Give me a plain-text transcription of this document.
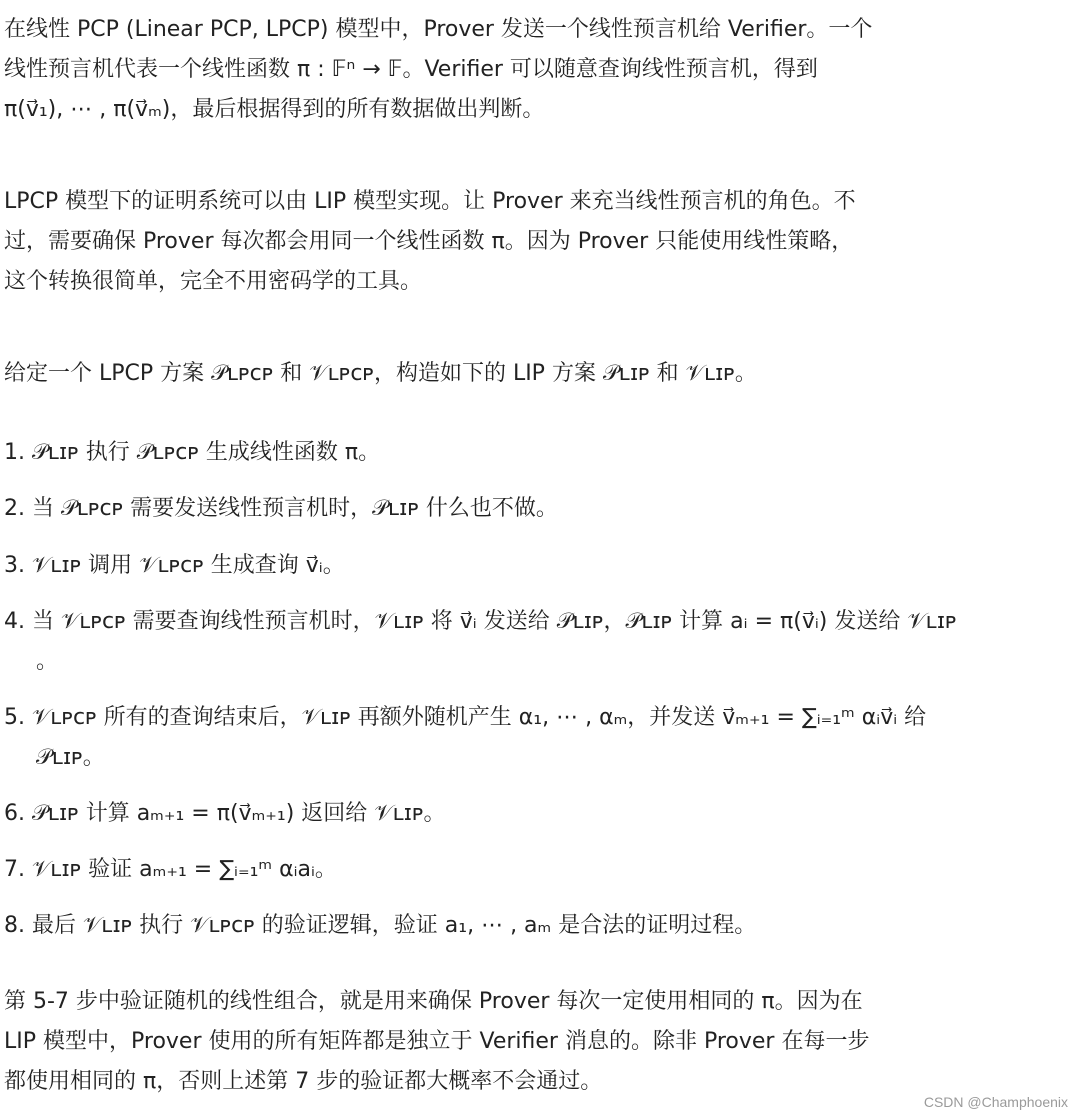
在线性 PCP (Linear PCP, LPCP) 模型中，Prover 发送一个线性预言机给 Verifier。一个
线性预言机代表一个线性函数 π : 𝔽ⁿ → 𝔽。Verifier 可以随意查询线性预言机，得到
π(v⃗₁), ⋯ , π(v⃗ₘ)，最后根据得到的所有数据做出判断。
LPCP 模型下的证明系统可以由 LIP 模型实现。让 Prover 来充当线性预言机的角色。不
过，需要确保 Prover 每次都会用同一个线性函数 π。因为 Prover 只能使用线性策略，
这个转换很简单，完全不用密码学的工具。
给定一个 LPCP 方案 𝒫ʟᴘᴄᴘ 和 𝒱ʟᴘᴄᴘ，构造如下的 LIP 方案 𝒫ʟɪᴘ 和 𝒱ʟɪᴘ。
1. 𝒫ʟɪᴘ 执行 𝒫ʟᴘᴄᴘ 生成线性函数 π。
2. 当 𝒫ʟᴘᴄᴘ 需要发送线性预言机时，𝒫ʟɪᴘ 什么也不做。
3. 𝒱ʟɪᴘ 调用 𝒱ʟᴘᴄᴘ 生成查询 v⃗ᵢ。
4. 当 𝒱ʟᴘᴄᴘ 需要查询线性预言机时，𝒱ʟɪᴘ 将 v⃗ᵢ 发送给 𝒫ʟɪᴘ，𝒫ʟɪᴘ 计算 aᵢ = π(v⃗ᵢ) 发送给 𝒱ʟɪᴘ
。
5. 𝒱ʟᴘᴄᴘ 所有的查询结束后，𝒱ʟɪᴘ 再额外随机产生 α₁, ⋯ , αₘ，并发送 v⃗ₘ₊₁ = ∑ᵢ₌₁ᵐ αᵢv⃗ᵢ 给
𝒫ʟɪᴘ。
6. 𝒫ʟɪᴘ 计算 aₘ₊₁ = π(v⃗ₘ₊₁) 返回给 𝒱ʟɪᴘ。
7. 𝒱ʟɪᴘ 验证 aₘ₊₁ = ∑ᵢ₌₁ᵐ αᵢaᵢ。
8. 最后 𝒱ʟɪᴘ 执行 𝒱ʟᴘᴄᴘ 的验证逻辑，验证 a₁, ⋯ , aₘ 是合法的证明过程。
第 5-7 步中验证随机的线性组合，就是用来确保 Prover 每次一定使用相同的 π。因为在
LIP 模型中，Prover 使用的所有矩阵都是独立于 Verifier 消息的。除非 Prover 在每一步
都使用相同的 π，否则上述第 7 步的验证都大概率不会通过。
CSDN @Champhoenix
